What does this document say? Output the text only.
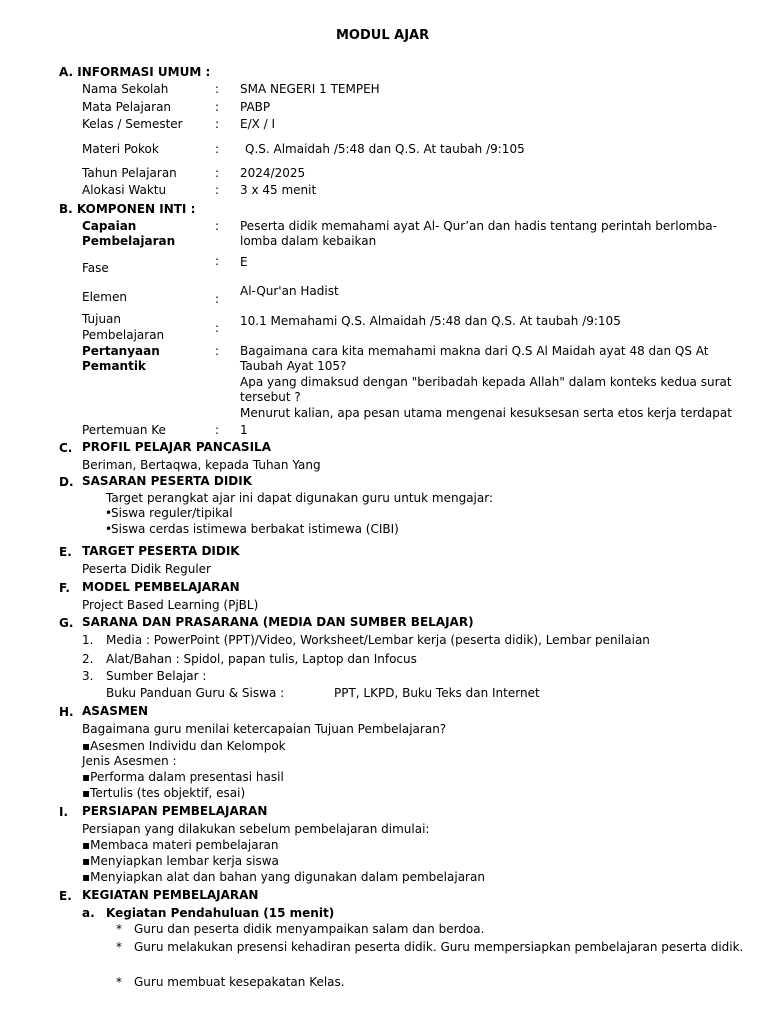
MODUL AJAR
A. INFORMASI UMUM :
Nama Sekolah	: SMA NEGERI 1 TEMPEH
Mata Pelajaran	: PABP
Kelas / Semester	: E/X / I
Materi Pokok	: Q.S. Almaidah /5:48 dan Q.S. At taubah /9:105
Tahun Pelajaran	: 2024/2025
Alokasi Waktu	: 3 x 45 menit
B. KOMPONEN INTI :
Capaian
Pembelajaran
: Peserta didik memahami ayat Al- Qur’an dan hadis tentang perintah berlomba-
lomba dalam kebaikan
Fase	: E
Elemen	:
Al-Qur'an Hadist
Tujuan
Pembelajaran	: 10.1 Memahami Q.S. Almaidah /5:48 dan Q.S. At taubah /9:105
Pertanyaan
Pemantik
: Bagaimana cara kita memahami makna dari Q.S Al Maidah ayat 48 dan QS At
Taubah Ayat 105?
Apa yang dimaksud dengan "beribadah kepada Allah" dalam konteks kedua surat
tersebut ?
Menurut kalian, apa pesan utama mengenai kesuksesan serta etos kerja terdapat
Pertemuan Ke	: 1
C. PROFIL PELAJAR PANCASILA
Beriman, Bertaqwa, kepada Tuhan Yang
D. SASARAN PESERTA DIDIK
Target perangkat ajar ini dapat digunakan guru untuk mengajar:
•
Siswa reguler/tipikal
•
Siswa cerdas istimewa berbakat istimewa (CIBI)
E. TARGET PESERTA DIDIK
Peserta Didik Reguler
F. MODEL PEMBELAJARAN
Project Based Learning (PjBL)
G. SARANA DAN PRASARANA (MEDIA DAN SUMBER BELAJAR)
1. Media : PowerPoint (PPT)/Video, Worksheet/Lembar kerja (peserta didik), Lembar penilaian
2. Alat/Bahan : Spidol, papan tulis, Laptop dan Infocus
3. Sumber Belajar :
Buku Panduan Guru & Siswa :	PPT, LKPD, Buku Teks dan Internet
H. ASASMEN
Bagaimana guru menilai ketercapaian Tujuan Pembelajaran?
▪Asesmen Individu dan Kelompok
Jenis Asesmen :
▪Performa dalam presentasi hasil
▪Tertulis (tes objektif, esai)
I. PERSIAPAN PEMBELAJARAN
Persiapan yang dilakukan sebelum pembelajaran dimulai:
▪Membaca materi pembelajaran
▪Menyiapkan lembar kerja siswa
▪Menyiapkan alat dan bahan yang digunakan dalam pembelajaran
E. KEGIATAN PEMBELAJARAN
a. Kegiatan Pendahuluan (15 menit)
* Guru dan peserta didik menyampaikan salam dan berdoa.
* Guru melakukan presensi kehadiran peserta didik. Guru mempersiapkan pembelajaran peserta didik.
* Guru membuat kesepakatan Kelas.
